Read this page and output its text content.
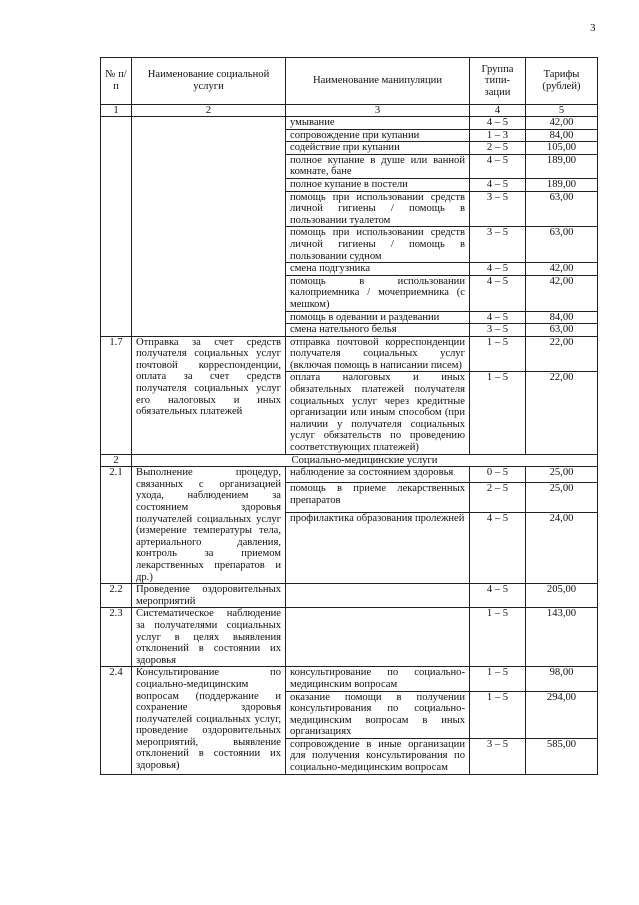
3
№ п/п	Наименование социальной услуги	Наименование манипуляции	Группа типи-зации	Тарифы (рублей)
1	2	3	4	5
		умывание	4 – 5	42,00
		сопровождение при купании	1 – 3	84,00
		содействие при купании	2 – 5	105,00
		полное купание в душе или ванной комнате, бане	4 – 5	189,00
		полное купание в постели	4 – 5	189,00
		помощь при использовании средств личной гигиены / помощь в пользовании туалетом	3 – 5	63,00
		помощь при использовании средств личной гигиены / помощь в пользовании судном	3 – 5	63,00
		смена подгузника	4 – 5	42,00
		помощь в использовании калоприемника / мочеприемника (с мешком)	4 – 5	42,00
		помощь в одевании и раздевании	4 – 5	84,00
		смена нательного белья	3 – 5	63,00
1.7	Отправка за счет средств получателя социальных услуг почтовой корреспонденции, оплата за счет средств получателя социальных услуг его налоговых и иных обязательных платежей	отправка почтовой корреспонденции получателя социальных услуг (включая помощь в написании писем)	1 – 5	22,00
		оплата налоговых и иных обязательных платежей получателя социальных услуг через кредитные организации или иным способом (при наличии у получателя социальных услуг обязательств по проведению соответствующих платежей)	1 – 5	22,00
2	Социально-медицинские услуги			
2.1	Выполнение процедур, связанных с организацией ухода, наблюдением за состоянием здоровья получателей социальных услуг (измерение температуры тела, артериального давления, контроль за приемом лекарственных препаратов и др.)	наблюдение за состоянием здоровья	0 – 5	25,00
		помощь в приеме лекарственных препаратов	2 – 5	25,00
		профилактика образования пролежней	4 – 5	24,00
2.2	Проведение оздоровительных мероприятий		4 – 5	205,00
2.3	Систематическое наблюдение за получателями социальных услуг в целях выявления отклонений в состоянии их здоровья		1 – 5	143,00
2.4	Консультирование по социально-медицинским вопросам (поддержание и сохранение здоровья получателей социальных услуг, проведение оздоровительных мероприятий, выявление отклонений в состоянии их здоровья)	консультирование по социально-медицинским вопросам	1 – 5	98,00
		оказание помощи в получении консультирования по социально-медицинским вопросам в иных организациях	1 – 5	294,00
		сопровождение в иные организации для получения консультирования по социально-медицинским вопросам	3 – 5	585,00
